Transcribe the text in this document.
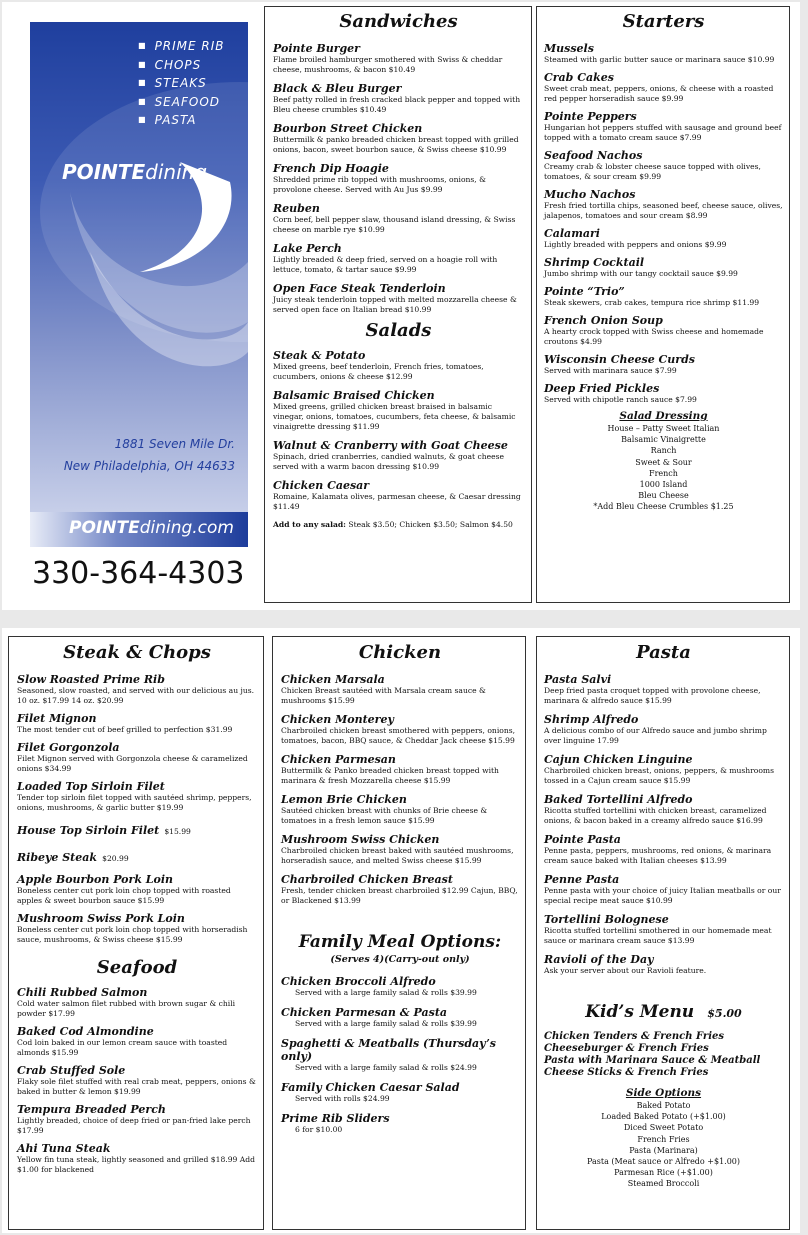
■ PRIME RIB
■ CHOPS
■ STEAKS
■ SEAFOOD
■ PASTA
POINTEdining
1881 Seven Mile Dr.
New Philadelphia, OH 44633
POINTEdining.com
330-364-4303
Sandwiches
Pointe Burger
Flame broiled hamburger smothered with Swiss & cheddar cheese, mushrooms, & bacon $10.49
Black & Bleu Burger
Beef patty rolled in fresh cracked black pepper and topped with Bleu cheese crumbles $10.49
Bourbon Street Chicken
Buttermilk & panko breaded chicken breast topped with grilled onions, bacon, sweet bourbon sauce, & Swiss cheese $10.99
French Dip Hoagie
Shredded prime rib topped with mushrooms, onions, & provolone cheese. Served with Au Jus $9.99
Reuben
Corn beef, bell pepper slaw, thousand island dressing, & Swiss cheese on marble rye $10.99
Lake Perch
Lightly breaded & deep fried, served on a hoagie roll with lettuce, tomato, & tartar sauce $9.99
Open Face Steak Tenderloin
Juicy steak tenderloin topped with melted mozzarella cheese & served open face on Italian bread $10.99
Salads
Steak & Potato
Mixed greens, beef tenderloin, French fries, tomatoes, cucumbers, onions & cheese $12.99
Balsamic Braised Chicken
Mixed greens, grilled chicken breast braised in balsamic vinegar, onions, tomatoes, cucumbers, feta cheese, & balsamic vinaigrette dressing $11.99
Walnut & Cranberry with Goat Cheese
Spinach, dried cranberries, candied walnuts, & goat cheese served with a warm bacon dressing $10.99
Chicken Caesar
Romaine, Kalamata olives, parmesan cheese, & Caesar dressing $11.49
Add to any salad: Steak $3.50; Chicken $3.50; Salmon $4.50
Starters
Mussels
Steamed with garlic butter sauce or marinara sauce $10.99
Crab Cakes
Sweet crab meat, peppers, onions, & cheese with a roasted red pepper horseradish sauce $9.99
Pointe Peppers
Hungarian hot peppers stuffed with sausage and ground beef topped with a tomato cream sauce $7.99
Seafood Nachos
Creamy crab & lobster cheese sauce topped with olives, tomatoes, & sour cream $9.99
Mucho Nachos
Fresh fried tortilla chips, seasoned beef, cheese sauce, olives, jalapenos, tomatoes and sour cream $8.99
Calamari
Lightly breaded with peppers and onions $9.99
Shrimp Cocktail
Jumbo shrimp with our tangy cocktail sauce $9.99
Pointe “Trio”
Steak skewers, crab cakes, tempura rice shrimp $11.99
French Onion Soup
A hearty crock topped with Swiss cheese and homemade croutons $4.99
Wisconsin Cheese Curds
Served with marinara sauce $7.99
Deep Fried Pickles
Served with chipotle ranch sauce $7.99
Salad Dressing
House – Patty Sweet Italian
Balsamic Vinaigrette
Ranch
Sweet & Sour
French
1000 Island
Bleu Cheese
*Add Bleu Cheese Crumbles $1.25
Steak & Chops
Slow Roasted Prime Rib
Seasoned, slow roasted, and served with our delicious au jus. 10 oz. $17.99 14 oz. $20.99
Filet Mignon
The most tender cut of beef grilled to perfection $31.99
Filet Gorgonzola
Filet Mignon served with Gorgonzola cheese & caramelized onions $34.99
Loaded Top Sirloin Filet
Tender top sirloin filet topped with sautéed shrimp, peppers, onions, mushrooms, & garlic butter $19.99
House Top Sirloin Filet $15.99
Ribeye Steak $20.99
Apple Bourbon Pork Loin
Boneless center cut pork loin chop topped with roasted apples & sweet bourbon sauce $15.99
Mushroom Swiss Pork Loin
Boneless center cut pork loin chop topped with horseradish sauce, mushrooms, & Swiss cheese $15.99
Seafood
Chili Rubbed Salmon
Cold water salmon filet rubbed with brown sugar & chili powder $17.99
Baked Cod Almondine
Cod loin baked in our lemon cream sauce with toasted almonds $15.99
Crab Stuffed Sole
Flaky sole filet stuffed with real crab meat, peppers, onions & baked in butter & lemon $19.99
Tempura Breaded Perch
Lightly breaded, choice of deep fried or pan-fried lake perch $17.99
Ahi Tuna Steak
Yellow fin tuna steak, lightly seasoned and grilled $18.99 Add $1.00 for blackened
Chicken
Chicken Marsala
Chicken Breast sautéed with Marsala cream sauce & mushrooms $15.99
Chicken Monterey
Charbroiled chicken breast smothered with peppers, onions, tomatoes, bacon, BBQ sauce, & Cheddar Jack cheese $15.99
Chicken Parmesan
Buttermilk & Panko breaded chicken breast topped with marinara & fresh Mozzarella cheese $15.99
Lemon Brie Chicken
Sautéed chicken breast with chunks of Brie cheese & tomatoes in a fresh lemon sauce $15.99
Mushroom Swiss Chicken
Charbroiled chicken breast baked with sautéed mushrooms, horseradish sauce, and melted Swiss cheese $15.99
Charbroiled Chicken Breast
Fresh, tender chicken breast charbroiled $12.99 Cajun, BBQ, or Blackened $13.99
Family Meal Options:
(Serves 4)(Carry-out only)
Chicken Broccoli Alfredo
Served with a large family salad & rolls $39.99
Chicken Parmesan & Pasta
Served with a large family salad & rolls $39.99
Spaghetti & Meatballs (Thursday’s only)
Served with a large family salad & rolls $24.99
Family Chicken Caesar Salad
Served with rolls $24.99
Prime Rib Sliders
6 for $10.00
Pasta
Pasta Salvi
Deep fried pasta croquet topped with provolone cheese, marinara & alfredo sauce $15.99
Shrimp Alfredo
A delicious combo of our Alfredo sauce and jumbo shrimp over linguine 17.99
Cajun Chicken Linguine
Charbroiled chicken breast, onions, peppers, & mushrooms tossed in a Cajun cream sauce $15.99
Baked Tortellini Alfredo
Ricotta stuffed tortellini with chicken breast, caramelized onions, & bacon baked in a creamy alfredo sauce $16.99
Pointe Pasta
Penne pasta, peppers, mushrooms, red onions, & marinara cream sauce baked with Italian cheeses $13.99
Penne Pasta
Penne pasta with your choice of juicy Italian meatballs or our special recipe meat sauce $10.99
Tortellini Bolognese
Ricotta stuffed tortellini smothered in our homemade meat sauce or marinara cream sauce $13.99
Ravioli of the Day
Ask your server about our Ravioli feature.
Kid’s Menu $5.00
Chicken Tenders & French Fries
Cheeseburger & French Fries
Pasta with Marinara Sauce & Meatball
Cheese Sticks & French Fries
Side Options
Baked Potato
Loaded Baked Potato (+$1.00)
Diced Sweet Potato
French Fries
Pasta (Marinara)
Pasta (Meat sauce or Alfredo +$1.00)
Parmesan Rice (+$1.00)
Steamed Broccoli
